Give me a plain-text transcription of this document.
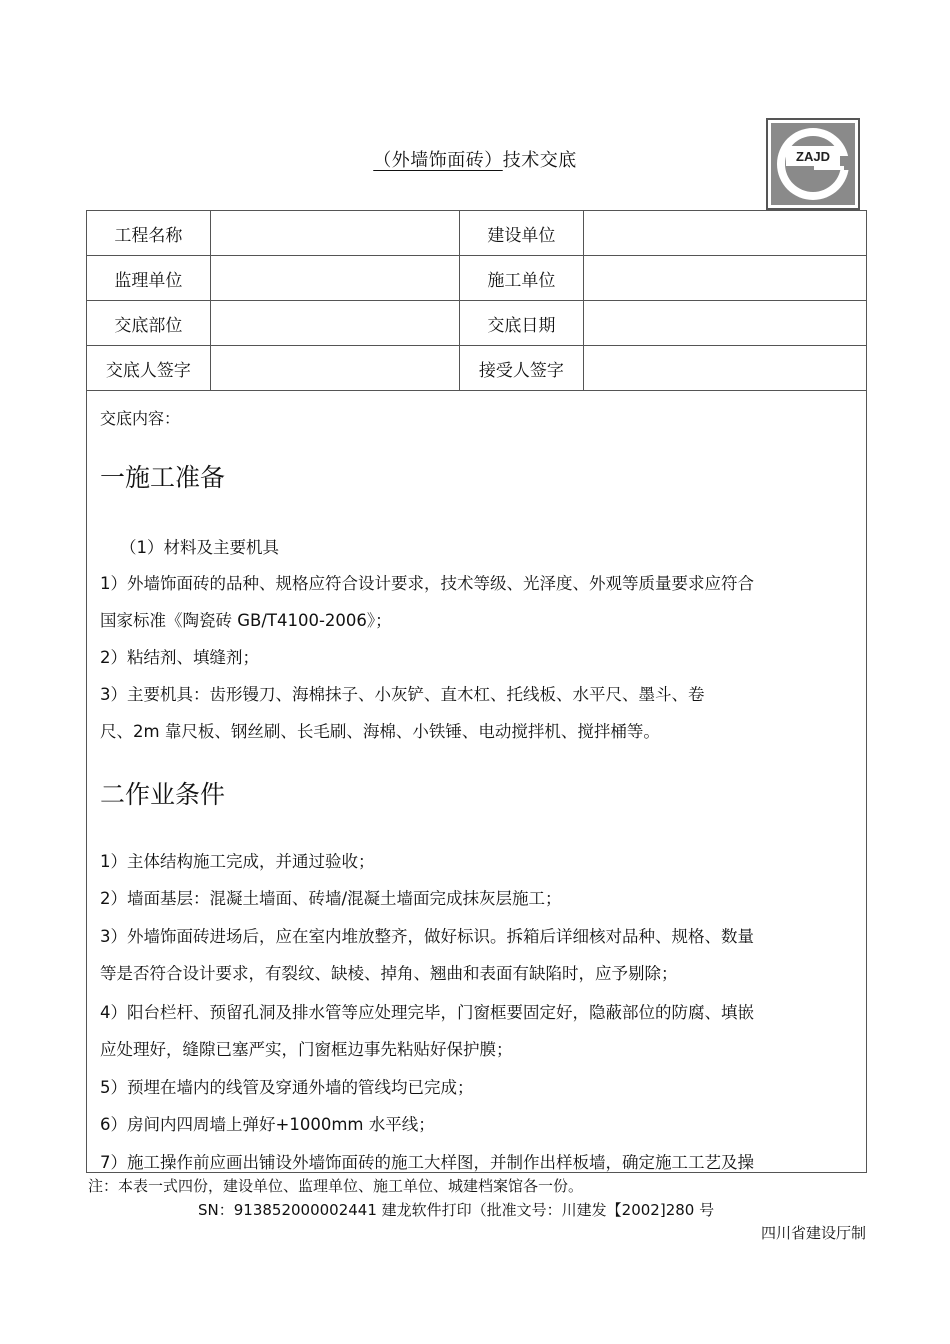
（外墙饰面砖）技术交底	ZAJD
工程名称		建设单位	
监理单位		施工单位	
交底部位		交底日期	
交底人签字		接受人签字	
交底内容：
一施工准备
（1）材料及主要机具
1）外墙饰面砖的品种、规格应符合设计要求，技术等级、光泽度、外观等质量要求应符合
国家标准《陶瓷砖 GB/T4100-2006》；
2）粘结剂、填缝剂；
3）主要机具：齿形镘刀、海棉抹子、小灰铲、直木杠、托线板、水平尺、墨斗、卷
尺、2m 靠尺板、钢丝刷、长毛刷、海棉、小铁锤、电动搅拌机、搅拌桶等。
二作业条件
1）主体结构施工完成，并通过验收；
2）墙面基层：混凝土墙面、砖墙/混凝土墙面完成抹灰层施工；
3）外墙饰面砖进场后，应在室内堆放整齐，做好标识。拆箱后详细核对品种、规格、数量
等是否符合设计要求，有裂纹、缺棱、掉角、翘曲和表面有缺陷时，应予剔除；
4）阳台栏杆、预留孔洞及排水管等应处理完毕，门窗框要固定好，隐蔽部位的防腐、填嵌
应处理好，缝隙已塞严实，门窗框边事先粘贴好保护膜；
5）预埋在墙内的线管及穿通外墙的管线均已完成；
6）房间内四周墙上弹好+1000mm 水平线；
7）施工操作前应画出铺设外墙饰面砖的施工大样图，并制作出样板墙，确定施工工艺及操
注：本表一式四份，建设单位、监理单位、施工单位、城建档案馆各一份。
SN：913852000002441 建龙软件打印（批准文号：川建发【2002]280 号
四川省建设厅制
